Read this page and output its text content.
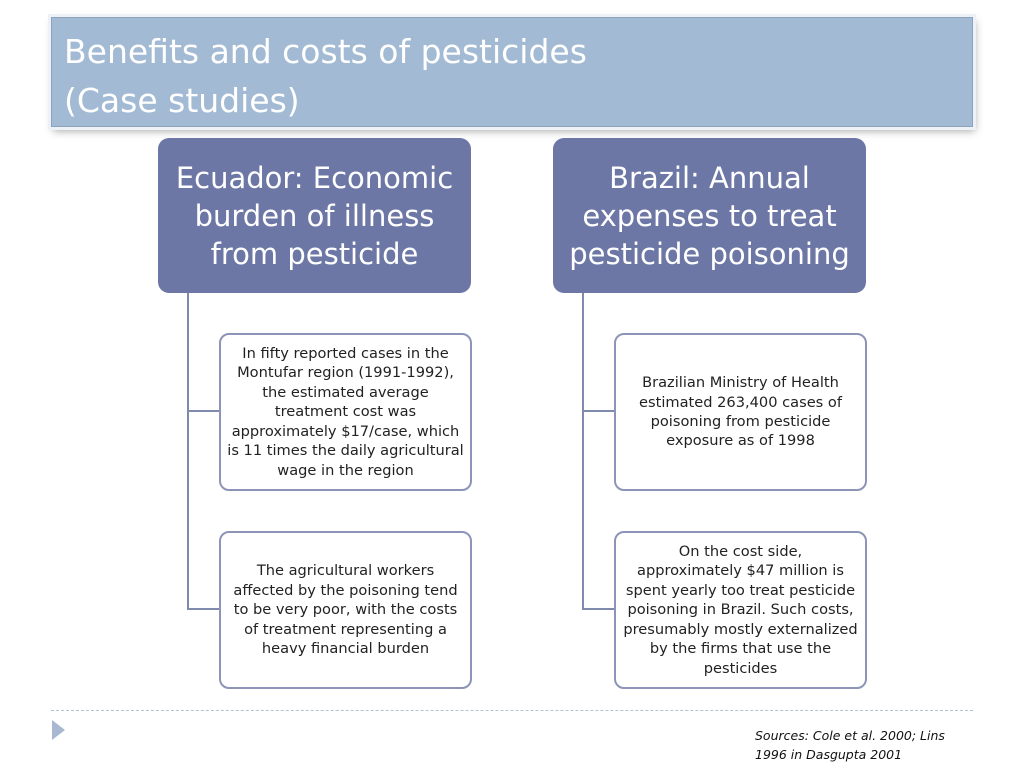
Benefits and costs of pesticides
(Case studies)
Ecuador: Economic
burden of illness
from pesticide
Brazil: Annual
expenses to treat
pesticide poisoning
In fifty reported cases in the
Montufar region (1991-1992),
the estimated average
treatment cost was
approximately $17/case, which
is 11 times the daily agricultural
wage in the region
The agricultural workers
affected by the poisoning tend
to be very poor, with the costs
of treatment representing a
heavy financial burden
Brazilian Ministry of Health
estimated 263,400 cases of
poisoning from pesticide
exposure as of 1998
On the cost side,
approximately $47 million is
spent yearly too treat pesticide
poisoning in Brazil. Such costs,
presumably mostly externalized
by the firms that use the
pesticides
Sources: Cole et al. 2000; Lins
1996 in Dasgupta 2001
